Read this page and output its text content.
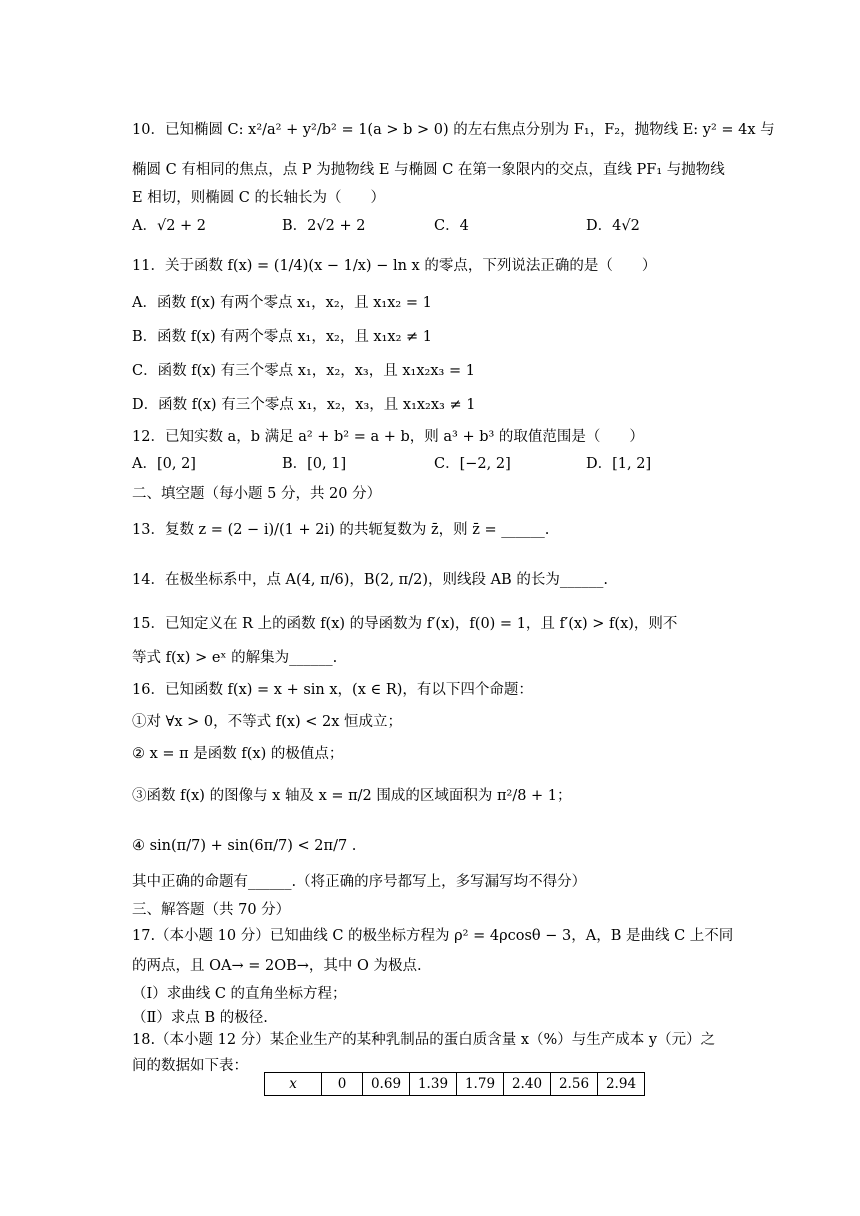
10．已知椭圆 C: x²/a² + y²/b² = 1(a > b > 0) 的左右焦点分别为 F₁，F₂，抛物线 E: y² = 4x 与
椭圆 C 有相同的焦点，点 P 为抛物线 E 与椭圆 C 在第一象限内的交点，直线 PF₁ 与抛物线
E 相切，则椭圆 C 的长轴长为（　　）
A．√2 + 2	B．2√2 + 2	C．4	D．4√2
11．关于函数 f(x) = (1/4)(x − 1/x) − ln x 的零点，下列说法正确的是（　　）
A．函数 f(x) 有两个零点 x₁，x₂，且 x₁x₂ = 1
B．函数 f(x) 有两个零点 x₁，x₂，且 x₁x₂ ≠ 1
C．函数 f(x) 有三个零点 x₁，x₂，x₃，且 x₁x₂x₃ = 1
D．函数 f(x) 有三个零点 x₁，x₂，x₃，且 x₁x₂x₃ ≠ 1
12．已知实数 a，b 满足 a² + b² = a + b，则 a³ + b³ 的取值范围是（　　）
A．[0, 2]	B．[0, 1]	C．[−2, 2]	D．[1, 2]
二、填空题（每小题 5 分，共 20 分）
13．复数 z = (2 − i)/(1 + 2i) 的共轭复数为 z̄，则 z̄ = ______.
14．在极坐标系中，点 A(4, π/6)，B(2, π/2)，则线段 AB 的长为______.
15．已知定义在 R 上的函数 f(x) 的导函数为 f′(x)，f(0) = 1，且 f′(x) > f(x)，则不
等式 f(x) > eˣ 的解集为______.
16．已知函数 f(x) = x + sin x，(x ∈ R)，有以下四个命题：
①对 ∀x > 0，不等式 f(x) < 2x 恒成立；
② x = π 是函数 f(x) 的极值点；
③函数 f(x) 的图像与 x 轴及 x = π/2 围成的区域面积为 π²/8 + 1；
④ sin(π/7) + sin(6π/7) < 2π/7 .
其中正确的命题有______.（将正确的序号都写上，多写漏写均不得分）
三、解答题（共 70 分）
17.（本小题 10 分）已知曲线 C 的极坐标方程为 ρ² = 4ρcosθ − 3，A，B 是曲线 C 上不同
的两点，且 OA→ = 2OB→，其中 O 为极点.
（Ⅰ）求曲线 C 的直角坐标方程；
（Ⅱ）求点 B 的极径.
18.（本小题 12 分）某企业生产的某种乳制品的蛋白质含量 x（%）与生产成本 y（元）之
间的数据如下表：
x	0	0.69	1.39	1.79	2.40	2.56	2.94
